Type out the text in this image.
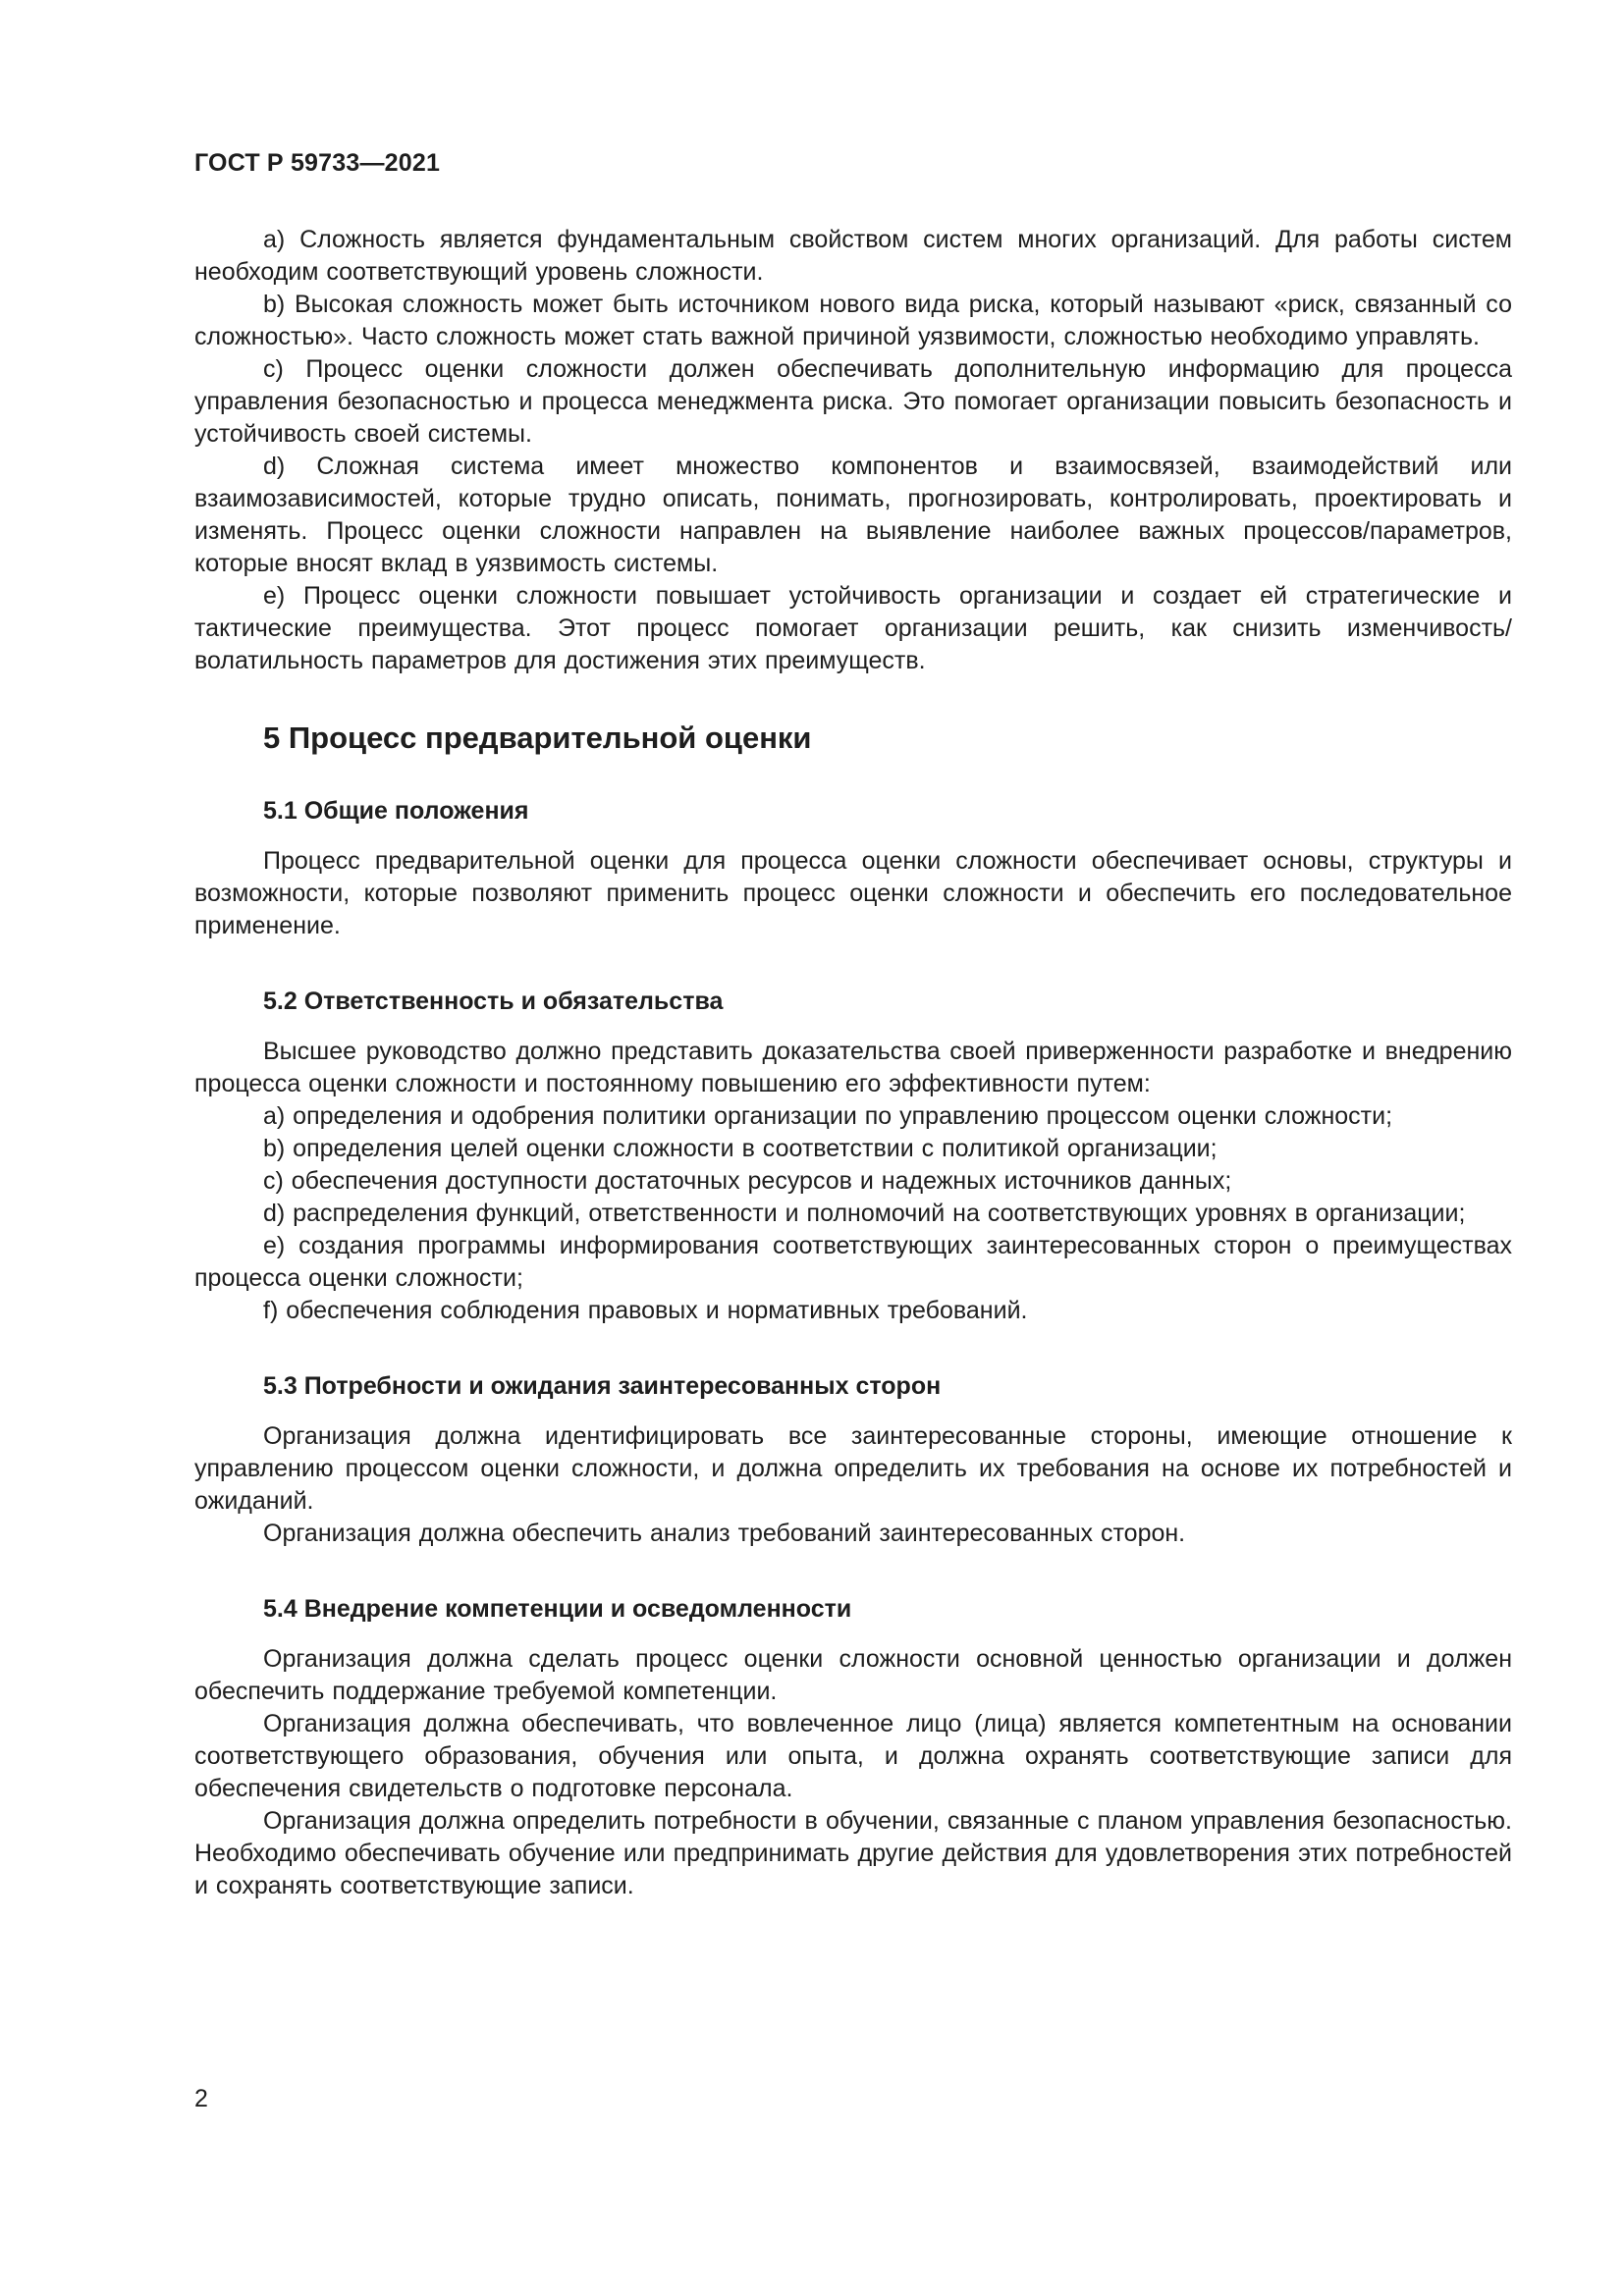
ГОСТ Р 59733—2021

а) Сложность является фундаментальным свойством систем многих организаций. Для работы систем необходим соответствующий уровень сложности.

b) Высокая сложность может быть источником нового вида риска, который называют «риск, связанный со сложностью». Часто сложность может стать важной причиной уязвимости, сложностью необходимо управлять.

c) Процесс оценки сложности должен обеспечивать дополнительную информацию для процесса управления безопасностью и процесса менеджмента риска. Это помогает организации повысить безопасность и устойчивость своей системы.

d) Сложная система имеет множество компонентов и взаимосвязей, взаимодействий или взаимозависимостей, которые трудно описать, понимать, прогнозировать, контролировать, проектировать и изменять. Процесс оценки сложности направлен на выявление наиболее важных процессов/параметров, которые вносят вклад в уязвимость системы.

e) Процесс оценки сложности повышает устойчивость организации и создает ей стратегические и тактические преимущества. Этот процесс помогает организации решить, как снизить изменчивость/волатильность параметров для достижения этих преимуществ.

5 Процесс предварительной оценки
5.1 Общие положения

Процесс предварительной оценки для процесса оценки сложности обеспечивает основы, структуры и возможности, которые позволяют применить процесс оценки сложности и обеспечить его последовательное применение.

5.2 Ответственность и обязательства

Высшее руководство должно представить доказательства своей приверженности разработке и внедрению процесса оценки сложности и постоянному повышению его эффективности путем:

a) определения и одобрения политики организации по управлению процессом оценки сложности;

b) определения целей оценки сложности в соответствии с политикой организации;

c) обеспечения доступности достаточных ресурсов и надежных источников данных;

d) распределения функций, ответственности и полномочий на соответствующих уровнях в организации;

e) создания программы информирования соответствующих заинтересованных сторон о преимуществах процесса оценки сложности;

f) обеспечения соблюдения правовых и нормативных требований.

5.3 Потребности и ожидания заинтересованных сторон

Организация должна идентифицировать все заинтересованные стороны, имеющие отношение к управлению процессом оценки сложности, и должна определить их требования на основе их потребностей и ожиданий.

Организация должна обеспечить анализ требований заинтересованных сторон.

5.4 Внедрение компетенции и осведомленности

Организация должна сделать процесс оценки сложности основной ценностью организации и должен обеспечить поддержание требуемой компетенции.

Организация должна обеспечивать, что вовлеченное лицо (лица) является компетентным на основании соответствующего образования, обучения или опыта, и должна охранять соответствующие записи для обеспечения свидетельств о подготовке персонала.

Организация должна определить потребности в обучении, связанные с планом управления безопасностью. Необходимо обеспечивать обучение или предпринимать другие действия для удовлетворения этих потребностей и сохранять соответствующие записи.

2
